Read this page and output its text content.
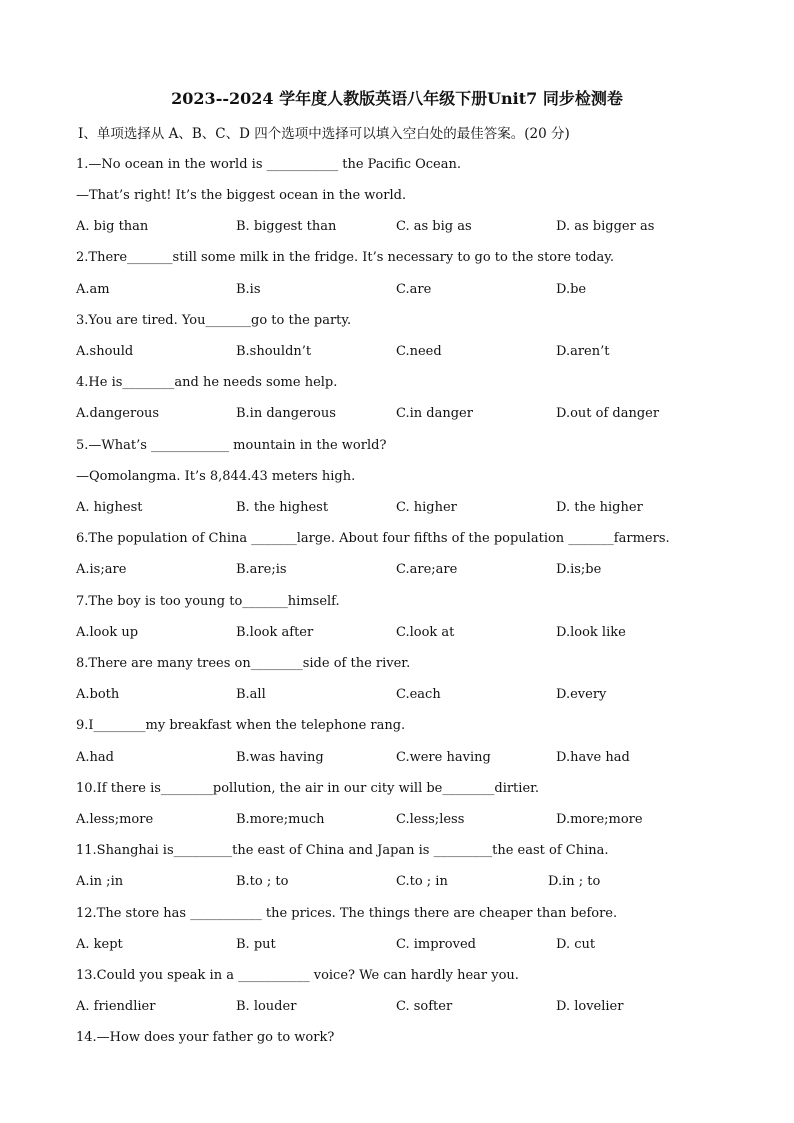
2023--2024 学年度人教版英语八年级下册Unit7 同步检测卷
Ⅰ、单项选择从 A、B、C、D 四个选项中选择可以填入空白处的最佳答案。(20 分)
1.—No ocean in the world is ___________ the Pacific Ocean.
—That’s right! It’s the biggest ocean in the world.
A. big than	B. biggest than	C. as big as	D. as bigger as
2.There_______still some milk in the fridge. It’s necessary to go to the store today.
A.am	B.is	C.are	D.be
3.You are tired. You_______go to the party.
A.should	B.shouldn’t	C.need	D.aren’t
4.He is________and he needs some help.
A.dangerous	B.in dangerous	C.in danger	D.out of danger
5.—What’s ____________ mountain in the world?
—Qomolangma. It’s 8,844.43 meters high.
A. highest	B. the highest	C. higher	D. the higher
6.The population of China _______large. About four fifths of the population _______farmers.
A.is;are	B.are;is	C.are;are	D.is;be
7.The boy is too young to_______himself.
A.look up	B.look after	C.look at	D.look like
8.There are many trees on________side of the river.
A.both	B.all	C.each	D.every
9.I________my breakfast when the telephone rang.
A.had	B.was having	C.were having	D.have had
10.If there is________pollution, the air in our city will be________dirtier.
A.less;more	B.more;much	C.less;less	D.more;more
11.Shanghai is_________the east of China and Japan is _________the east of China.
A.in ;in	B.to ; to	C.to ; in	D.in ; to
12.The store has ___________ the prices. The things there are cheaper than before.
A. kept	B. put	C. improved	D. cut
13.Could you speak in a ___________ voice? We can hardly hear you.
A. friendlier	B. louder	C. softer	D. lovelier
14.—How does your father go to work?
